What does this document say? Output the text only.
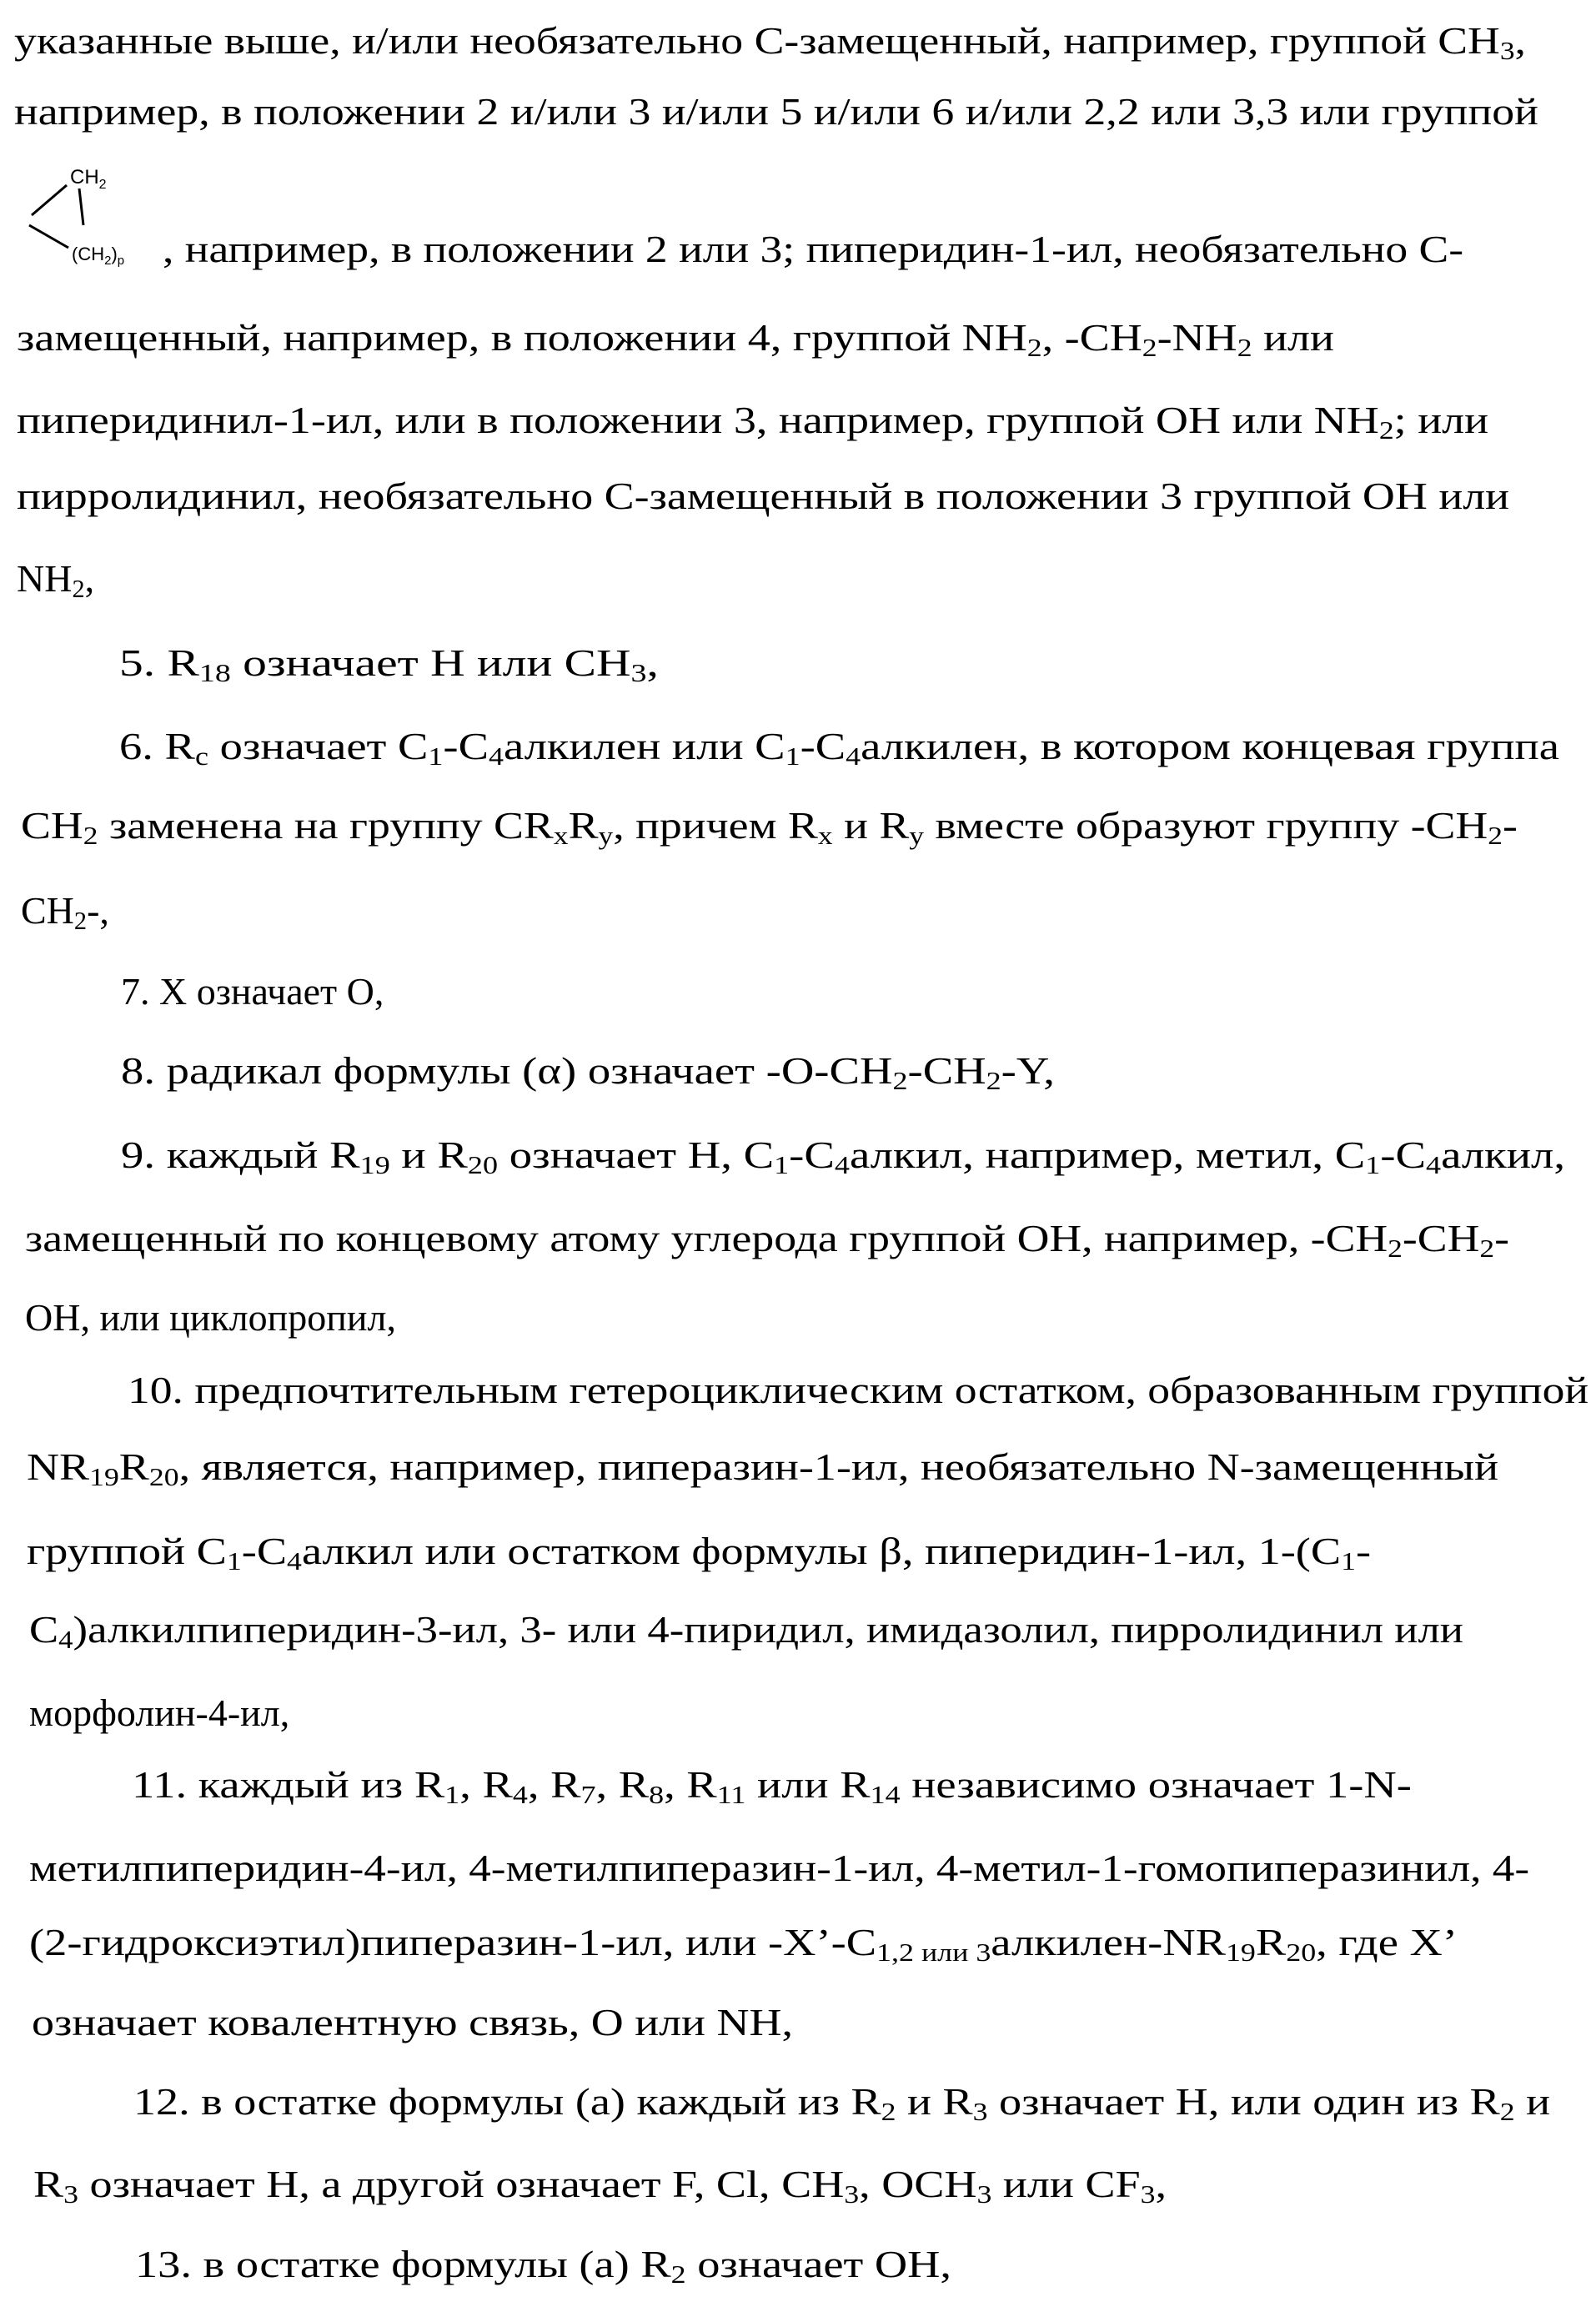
CH2
(CH2)p
указанные выше, и/или необязательно С-замещенный, например, группой CH3,
например, в положении 2 и/или 3 и/или 5 и/или 6 и/или 2,2 или 3,3 или группой
, например, в положении 2 или 3; пиперидин-1-ил, необязательно С-
замещенный, например, в положении 4, группой NH2, -CH2-NH2 или
пиперидинил-1-ил, или в положении 3, например, группой OH или NH2; или
пирролидинил, необязательно С-замещенный в положении 3 группой OH или
NH2,
5. R18 означает H или CH3,
6. Rc означает C1-C4алкилен или C1-C4алкилен, в котором концевая группа
CH2 заменена на группу CRxRy, причем Rx и Ry вместе образуют группу -CH2-
CH2-,
7. X означает O,
8. радикал формулы (α) означает -O-CH2-CH2-Y,
9. каждый R19 и R20 означает H, C1-C4алкил, например, метил, C1-C4алкил,
замещенный по концевому атому углерода группой OH, например, -CH2-CH2-
OH, или циклопропил,
10. предпочтительным гетероциклическим остатком, образованным группой
NR19R20, является, например, пиперазин-1-ил, необязательно N-замещенный
группой C1-C4алкил или остатком формулы β, пиперидин-1-ил, 1-(C1-
C4)алкилпиперидин-3-ил, 3- или 4-пиридил, имидазолил, пирролидинил или
морфолин-4-ил,
11. каждый из R1, R4, R7, R8, R11 или R14 независимо означает 1-N-
метилпиперидин-4-ил, 4-метилпиперазин-1-ил, 4-метил-1-гомопиперазинил, 4-
(2-гидроксиэтил)пиперазин-1-ил, или -X’-C1,2 или 3алкилен-NR19R20, где X’
означает ковалентную связь, O или NH,
12. в остатке формулы (a) каждый из R2 и R3 означает H, или один из R2 и
R3 означает H, а другой означает F, Cl, CH3, OCH3 или CF3,
13. в остатке формулы (a) R2 означает OH,
